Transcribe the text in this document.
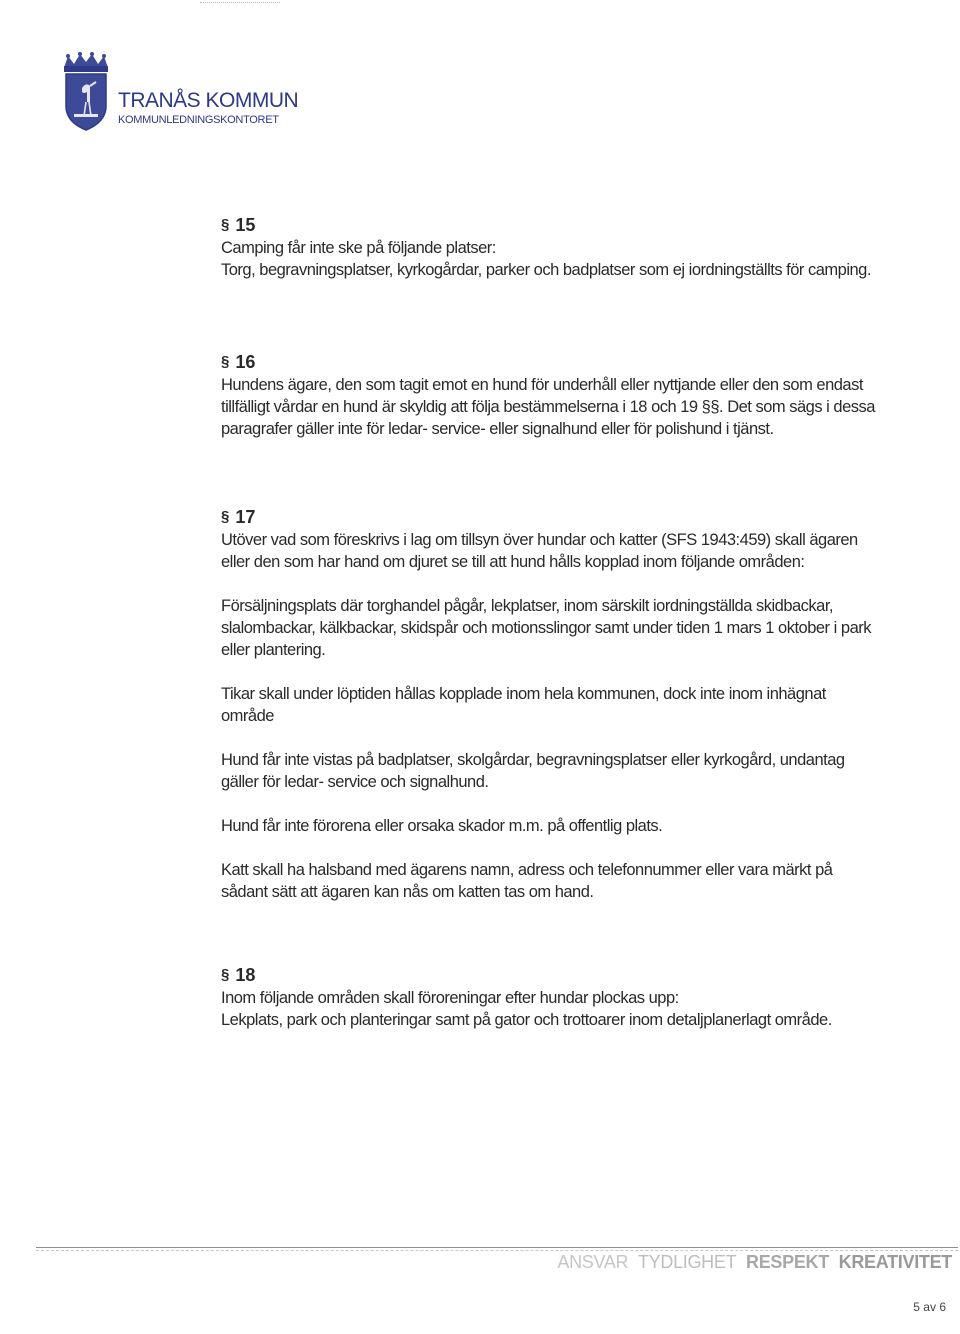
TRANÅS KOMMUN
KOMMUNLEDNINGSKONTORET
§ 15

Camping får inte ske på följande platser:

Torg, begravningsplatser, kyrkogårdar, parker och badplatser som ej iordningställts för camping.

§ 16

Hundens ägare, den som tagit emot en hund för underhåll eller nyttjande eller den som endast tillfälligt vårdar en hund är skyldig att följa bestämmelserna i 18 och 19 §§. Det som sägs i dessa paragrafer gäller inte för ledar- service- eller signalhund eller för polishund i tjänst.

§ 17

Utöver vad som föreskrivs i lag om tillsyn över hundar och katter (SFS 1943:459) skall ägaren eller den som har hand om djuret se till att hund hålls kopplad inom följande områden:

Försäljningsplats där torghandel pågår, lekplatser, inom särskilt iordningställda skidbackar, slalombackar, kälkbackar, skidspår och motionsslingor samt under tiden 1 mars 1 oktober i park eller plantering.

Tikar skall under löptiden hållas kopplade inom hela kommunen, dock inte inom inhägnat område

Hund får inte vistas på badplatser, skolgårdar, begravningsplatser eller kyrkogård, undantag gäller för ledar- service och signalhund.

Hund får inte förorena eller orsaka skador m.m. på offentlig plats.

Katt skall ha halsband med ägarens namn, adress och telefonnummer eller vara märkt på sådant sätt att ägaren kan nås om katten tas om hand.

§ 18

Inom följande områden skall föroreningar efter hundar plockas upp:

Lekplats, park och planteringar samt på gator och trottoarer inom detaljplanerlagt område.

ANSVAR TYDLIGHET RESPEKT KREATIVITET
5 av 6
